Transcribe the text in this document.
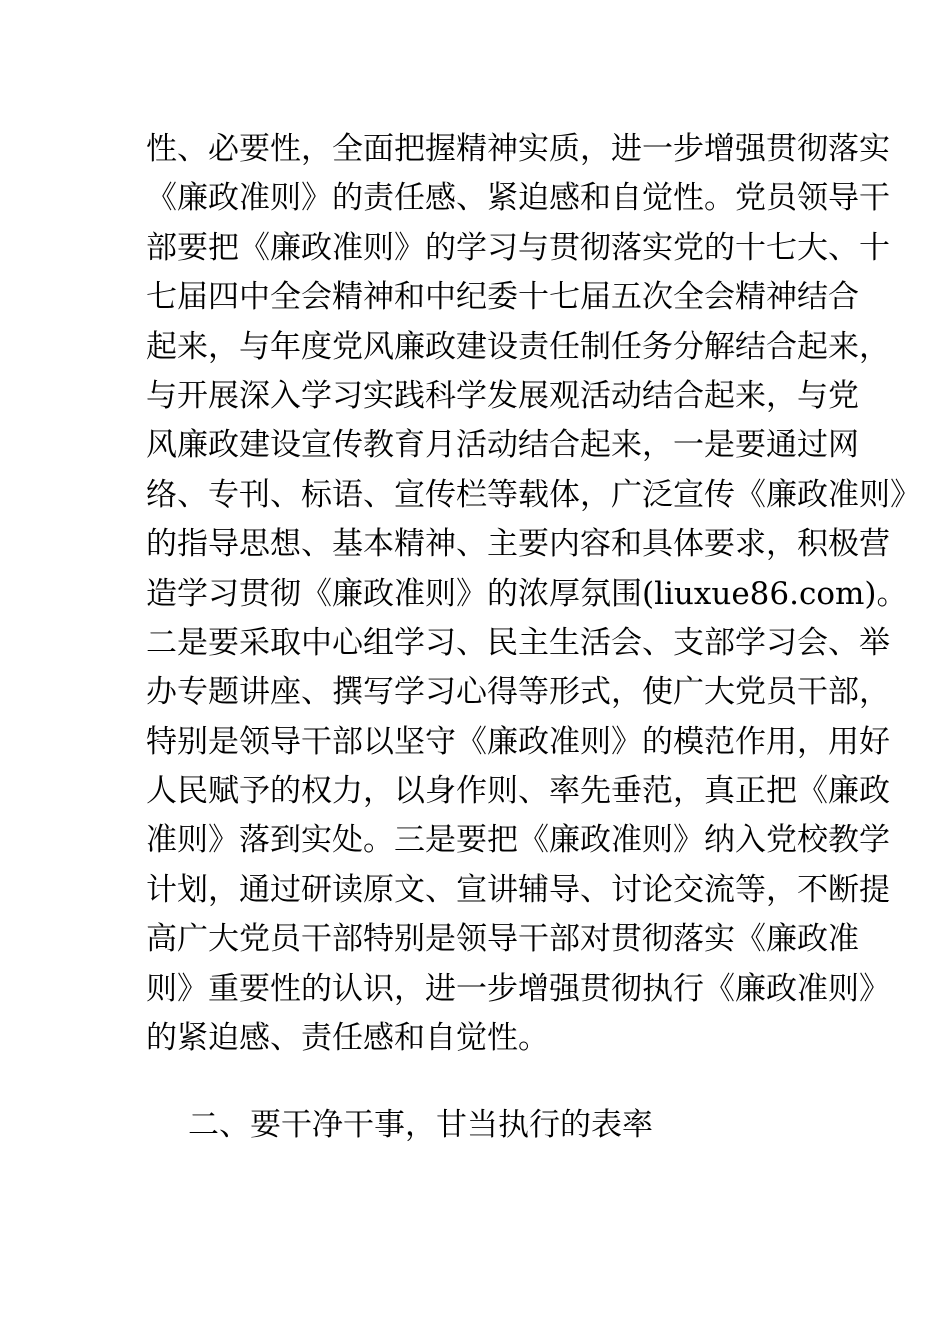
性、必要性，全面把握精神实质，进一步增强贯彻落实
《廉政准则》的责任感、紧迫感和自觉性。党员领导干
部要把《廉政准则》的学习与贯彻落实党的十七大、十
七届四中全会精神和中纪委十七届五次全会精神结合
起来，与年度党风廉政建设责任制任务分解结合起来，
与开展深入学习实践科学发展观活动结合起来，与党
风廉政建设宣传教育月活动结合起来，一是要通过网
络、专刊、标语、宣传栏等载体，广泛宣传《廉政准则》
的指导思想、基本精神、主要内容和具体要求，积极营
造学习贯彻《廉政准则》的浓厚氛围(liuxue86.com)。
二是要采取中心组学习、民主生活会、支部学习会、举
办专题讲座、撰写学习心得等形式，使广大党员干部，
特别是领导干部以坚守《廉政准则》的模范作用，用好
人民赋予的权力，以身作则、率先垂范，真正把《廉政
准则》落到实处。三是要把《廉政准则》纳入党校教学
计划，通过研读原文、宣讲辅导、讨论交流等，不断提
高广大党员干部特别是领导干部对贯彻落实《廉政准
则》重要性的认识，进一步增强贯彻执行《廉政准则》
的紧迫感、责任感和自觉性。
二、要干净干事，甘当执行的表率
